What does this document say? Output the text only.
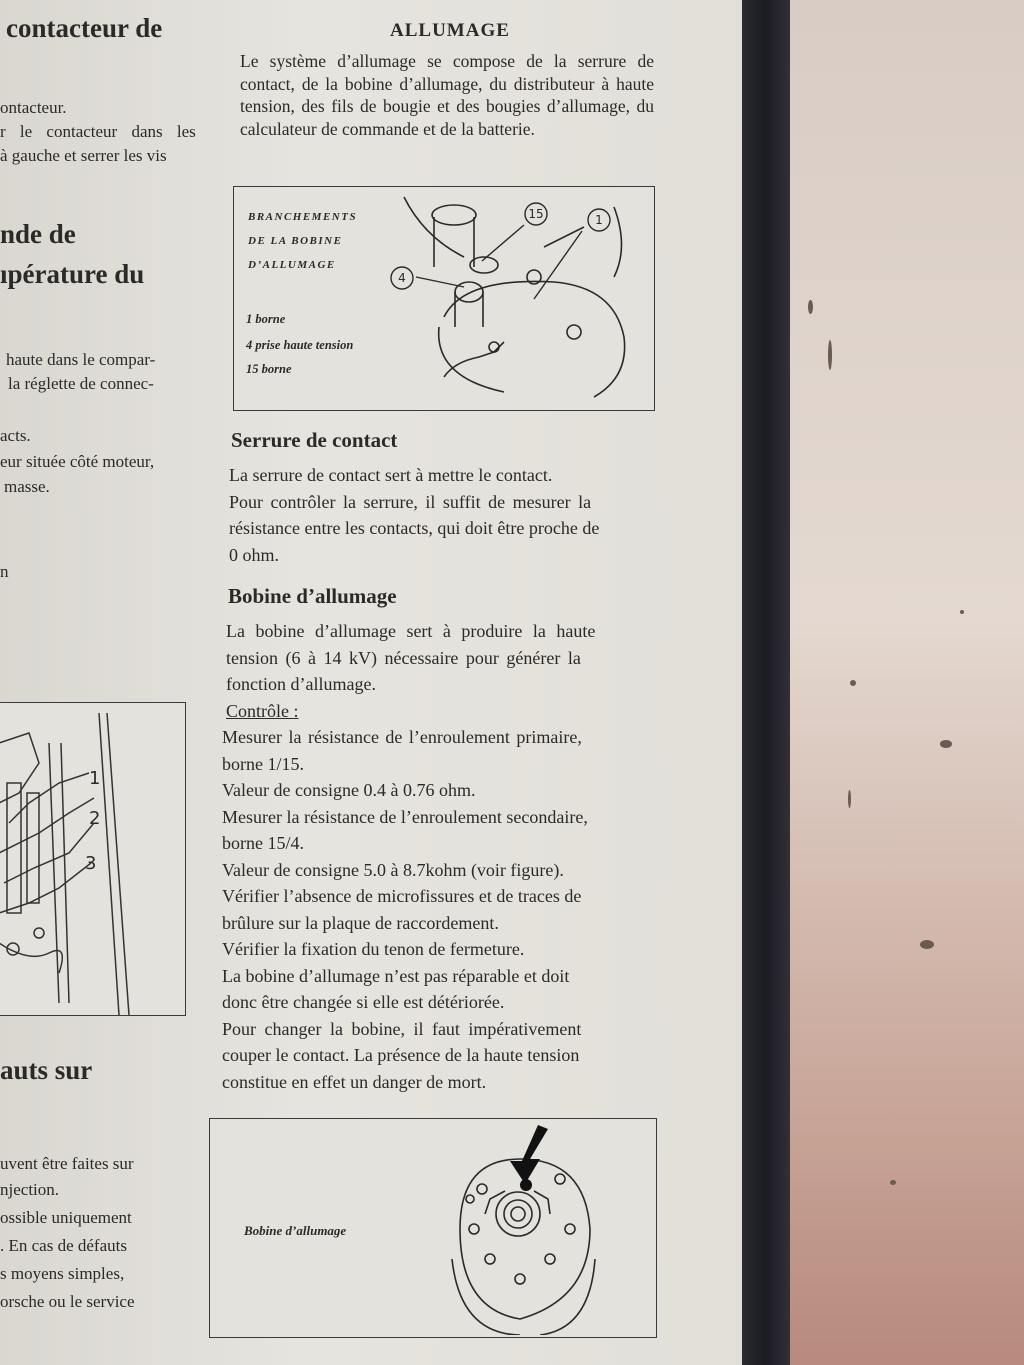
contacteur de
ontacteur.
r le contacteur dans les
à gauche et serrer les vis
nde de
ıpérature du
haute dans le compar-
la réglette de connec-
acts.
eur située côté moteur,
masse.
n
1
2
3
auts sur
uvent être faites sur
njection.
ossible uniquement
. En cas de défauts
s moyens simples,
orsche ou le service
ALLUMAGE

Le système d’allumage se compose de la serrure de contact, de la bobine d’allumage, du distributeur à haute tension, des fils de bougie et des bougies d’allumage, du calculateur de commande et de la batterie.

BRANCHEMENTS
DE LA BOBINE
D’ALLUMAGE
1 borne
4 prise haute tension
15 borne
15	1
4
Serrure de contact
La serrure de contact sert à mettre le contact.
Pour contrôler la serrure, il suffit de mesurer la
résistance entre les contacts, qui doit être proche de
0 ohm.
Bobine d’allumage
La bobine d’allumage sert à produire la haute
tension (6 à 14 kV) nécessaire pour générer la
fonction d’allumage.
Contrôle :
Mesurer la résistance de l’enroulement primaire,
borne 1/15.
Valeur de consigne 0.4 à 0.76 ohm.
Mesurer la résistance de l’enroulement secondaire,
borne 15/4.
Valeur de consigne 5.0 à 8.7kohm (voir figure).
Vérifier l’absence de microfissures et de traces de
brûlure sur la plaque de raccordement.
Vérifier la fixation du tenon de fermeture.
La bobine d’allumage n’est pas réparable et doit
donc être changée si elle est détériorée.
Pour changer la bobine, il faut impérativement
couper le contact. La présence de la haute tension
constitue en effet un danger de mort.
Bobine d’allumage
